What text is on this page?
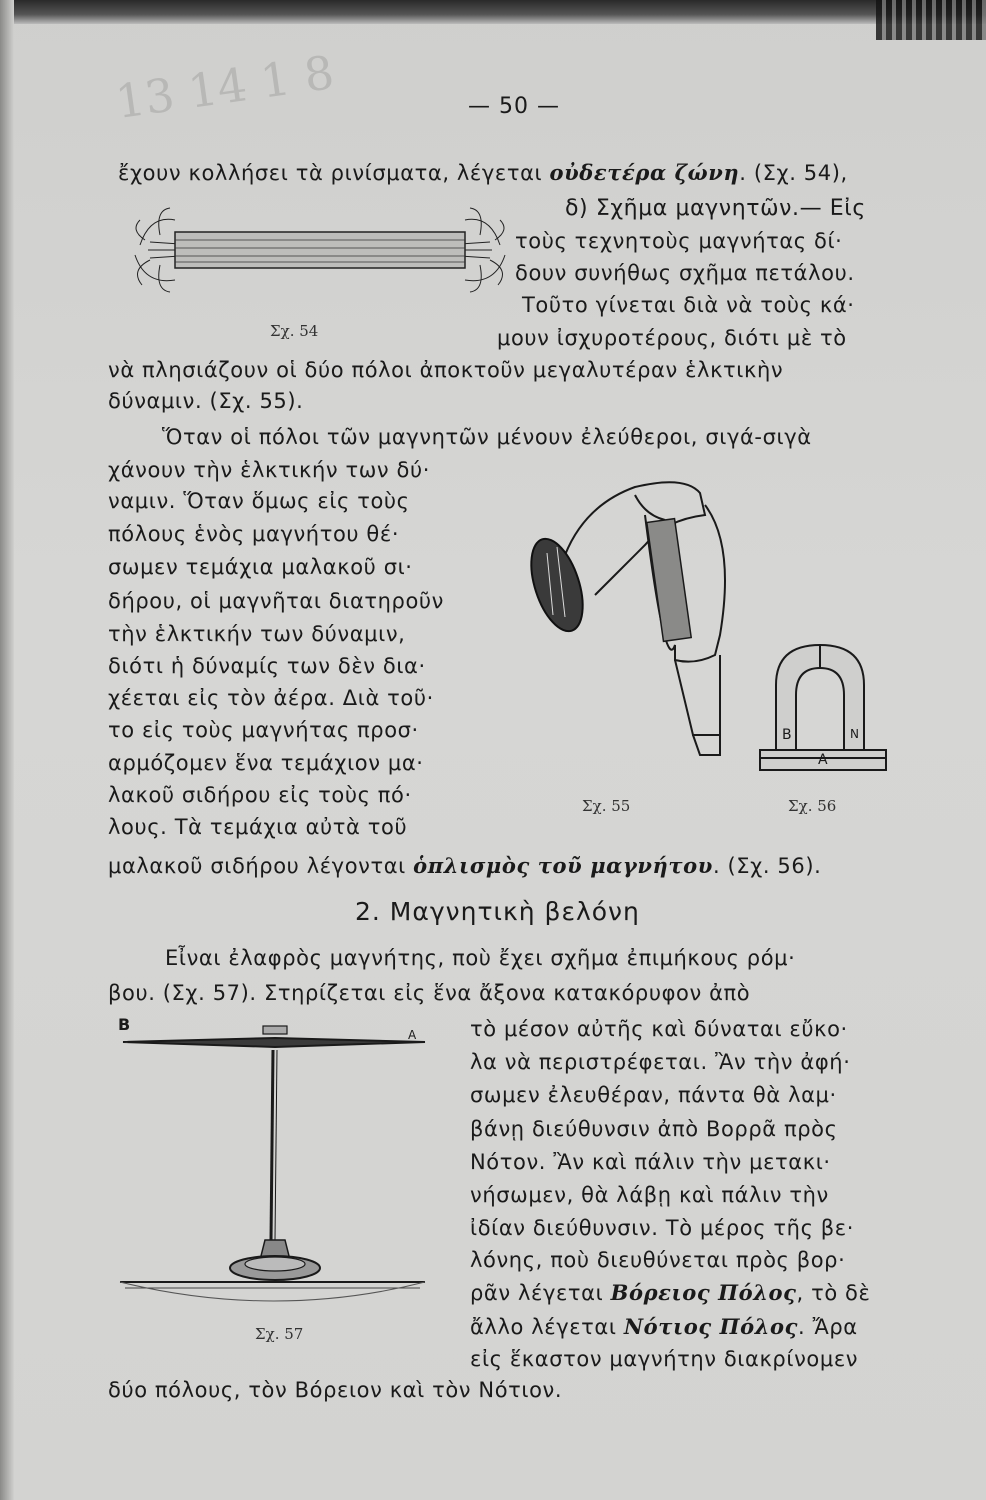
13 14 1 8	— 50 —
ἔχουν κολλήσει τὰ ρινίσματα, λέγεται οὐδετέρα ζώνη. (Σχ. 54),
δ) Σχῆμα μαγνητῶν.— Εἰς
τοὺς τεχνητοὺς μαγνήτας δί·
δουν συνήθως σχῆμα πετάλου.
Τοῦτο γίνεται διὰ νὰ τοὺς κά·
μουν ἰσχυροτέρους, διότι μὲ τὸ
νὰ πλησιάζουν οἱ δύο πόλοι ἀποκτοῦν μεγαλυτέραν ἑλκτικὴν
δύναμιν. (Σχ. 55).
Ὅταν οἱ πόλοι τῶν μαγνητῶν μένουν ἐλεύθεροι, σιγά-σιγὰ
χάνουν τὴν ἑλκτικήν των δύ·
ναμιν. Ὅταν ὅμως εἰς τοὺς
πόλους ἑνὸς μαγνήτου θέ·
σωμεν τεμάχια μαλακοῦ σι·
δήρου, οἱ μαγνῆται διατηροῦν
τὴν ἑλκτικήν των δύναμιν,
διότι ἡ δύναμίς των δὲν δια·
χέεται εἰς τὸν ἀέρα. Διὰ τοῦ·
το εἰς τοὺς μαγνήτας προσ·
αρμόζομεν ἕνα τεμάχιον μα·
λακοῦ σιδήρου εἰς τοὺς πό·
λους. Τὰ τεμάχια αὐτὰ τοῦ
μαλακοῦ σιδήρου λέγονται ὁπλισμὸς τοῦ μαγνήτου. (Σχ. 56).
2. Μαγνητικὴ βελόνη
Εἶναι ἐλαφρὸς μαγνήτης, ποὺ ἔχει σχῆμα ἐπιμήκους ρόμ·
βου. (Σχ. 57). Στηρίζεται εἰς ἕνα ἄξονα κατακόρυφον ἀπὸ
τὸ μέσον αὐτῆς καὶ δύναται εὔκο·
λα νὰ περιστρέφεται. Ἂν τὴν ἀφή·
σωμεν ἐλευθέραν, πάντα θὰ λαμ·
βάνῃ διεύθυνσιν ἀπὸ Βορρᾶ πρὸς
Νότον. Ἂν καὶ πάλιν τὴν μετακι·
νήσωμεν, θὰ λάβῃ καὶ πάλιν τὴν
ἰδίαν διεύθυνσιν. Τὸ μέρος τῆς βε·
λόνης, ποὺ διευθύνεται πρὸς βορ·
ρᾶν λέγεται Βόρειος Πόλος, τὸ δὲ
ἄλλο λέγεται Νότιος Πόλος. Ἄρα
εἰς ἕκαστον μαγνήτην διακρίνομεν
δύο πόλους, τὸν Βόρειον καὶ τὸν Νότιον.
Σχ. 54
Σχ. 55
B	N
A
Σχ. 56
B
A
Σχ. 57
